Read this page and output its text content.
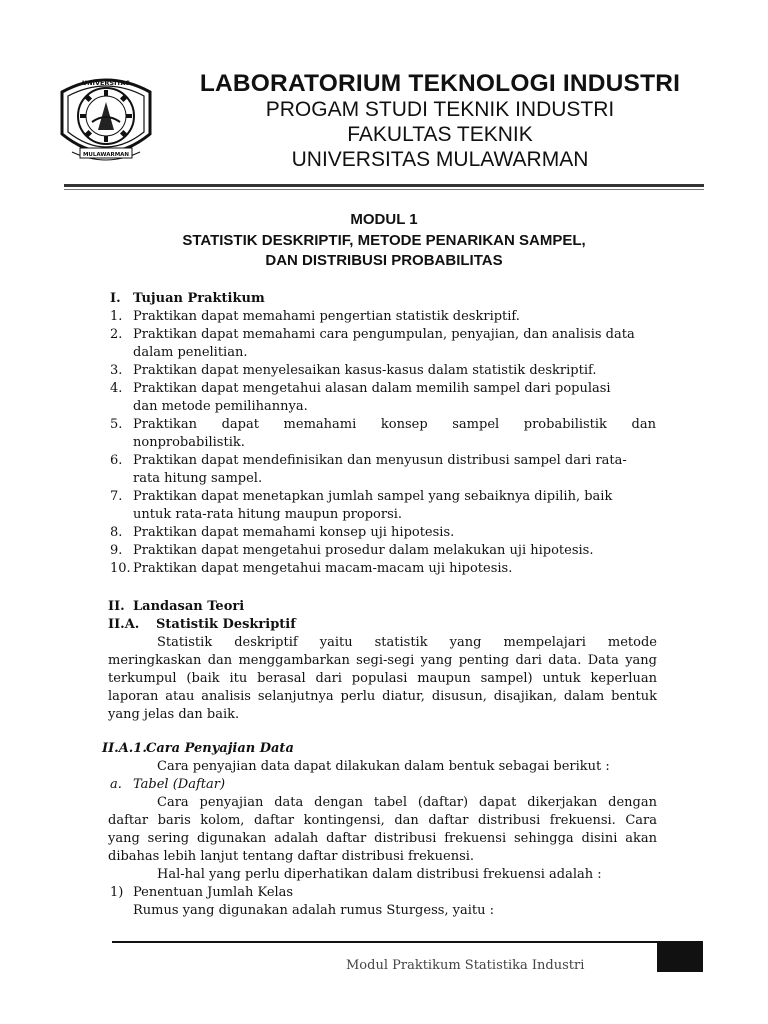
UNIVERSITAS
MULAWARMAN
LABORATORIUM TEKNOLOGI INDUSTRI
PROGAM STUDI TEKNIK INDUSTRI
FAKULTAS TEKNIK
UNIVERSITAS MULAWARMAN
MODUL 1
STATISTIK DESKRIPTIF, METODE PENARIKAN SAMPEL,
DAN DISTRIBUSI PROBABILITAS
I. Tujuan Praktikum
1. Praktikan dapat memahami pengertian statistik deskriptif.
2. Praktikan dapat memahami cara pengumpulan, penyajian, dan analisis data
dalam penelitian.
3. Praktikan dapat menyelesaikan kasus-kasus dalam statistik deskriptif.
4. Praktikan dapat mengetahui alasan dalam memilih sampel dari populasi
dan metode pemilihannya.
5. Praktikan dapat memahami konsep sampel probabilistik dan
nonprobabilistik.
6. Praktikan dapat mendefinisikan dan menyusun distribusi sampel dari rata-
rata hitung sampel.
7. Praktikan dapat menetapkan jumlah sampel yang sebaiknya dipilih, baik
untuk rata-rata hitung maupun proporsi.
8. Praktikan dapat memahami konsep uji hipotesis.
9. Praktikan dapat mengetahui prosedur dalam melakukan uji hipotesis.
10. Praktikan dapat mengetahui macam-macam uji hipotesis.
II. Landasan Teori
II.A. Statistik Deskriptif
Statistik deskriptif yaitu statistik yang mempelajari metode
meringkaskan dan menggambarkan segi-segi yang penting dari data. Data yang
terkumpul (baik itu berasal dari populasi maupun sampel) untuk keperluan
laporan atau analisis selanjutnya perlu diatur, disusun, disajikan, dalam bentuk
yang jelas dan baik.
II.A.1. Cara Penyajian Data
Cara penyajian data dapat dilakukan dalam bentuk sebagai berikut :
a. Tabel (Daftar)
Cara penyajian data dengan tabel (daftar) dapat dikerjakan dengan
daftar baris kolom, daftar kontingensi, dan daftar distribusi frekuensi. Cara
yang sering digunakan adalah daftar distribusi frekuensi sehingga disini akan
dibahas lebih lanjut tentang daftar distribusi frekuensi.
Hal-hal yang perlu diperhatikan dalam distribusi frekuensi adalah :
1) Penentuan Jumlah Kelas
Rumus yang digunakan adalah rumus Sturgess, yaitu :
Modul Praktikum Statistika Industri
